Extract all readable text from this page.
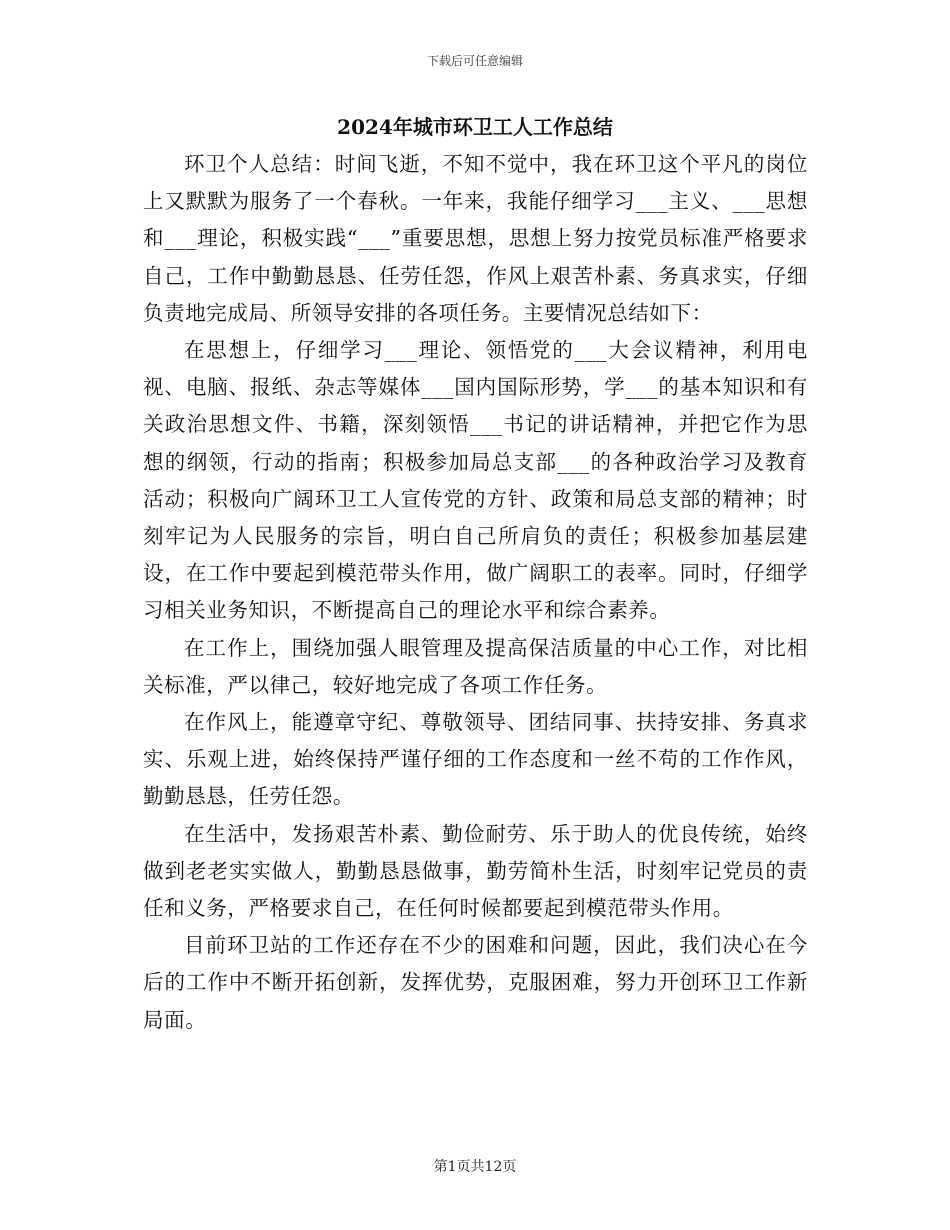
下载后可任意编辑
2024年城市环卫工人工作总结

环卫个人总结：时间飞逝，不知不觉中，我在环卫这个平凡的岗位上又默默为服务了一个春秋。一年来，我能仔细学习___主义、___思想和___理论，积极实践“___”重要思想，思想上努力按党员标准严格要求自己，工作中勤勤恳恳、任劳任怨，作风上艰苦朴素、务真求实，仔细负责地完成局、所领导安排的各项任务。主要情况总结如下：

在思想上，仔细学习___理论、领悟党的___大会议精神，利用电视、电脑、报纸、杂志等媒体___国内国际形势，学___的基本知识和有关政治思想文件、书籍，深刻领悟___书记的讲话精神，并把它作为思想的纲领，行动的指南；积极参加局总支部___的各种政治学习及教育活动；积极向广阔环卫工人宣传党的方针、政策和局总支部的精神；时刻牢记为人民服务的宗旨，明白自己所肩负的责任；积极参加基层建设，在工作中要起到模范带头作用，做广阔职工的表率。同时，仔细学习相关业务知识，不断提高自己的理论水平和综合素养。

在工作上，围绕加强人眼管理及提高保洁质量的中心工作，对比相关标准，严以律己，较好地完成了各项工作任务。

在作风上，能遵章守纪、尊敬领导、团结同事、扶持安排、务真求实、乐观上进，始终保持严谨仔细的工作态度和一丝不苟的工作作风，勤勤恳恳，任劳任怨。

在生活中，发扬艰苦朴素、勤俭耐劳、乐于助人的优良传统，始终做到老老实实做人，勤勤恳恳做事，勤劳简朴生活，时刻牢记党员的责任和义务，严格要求自己，在任何时候都要起到模范带头作用。

目前环卫站的工作还存在不少的困难和问题，因此，我们决心在今后的工作中不断开拓创新，发挥优势，克服困难，努力开创环卫工作新局面。

第1页共12页
